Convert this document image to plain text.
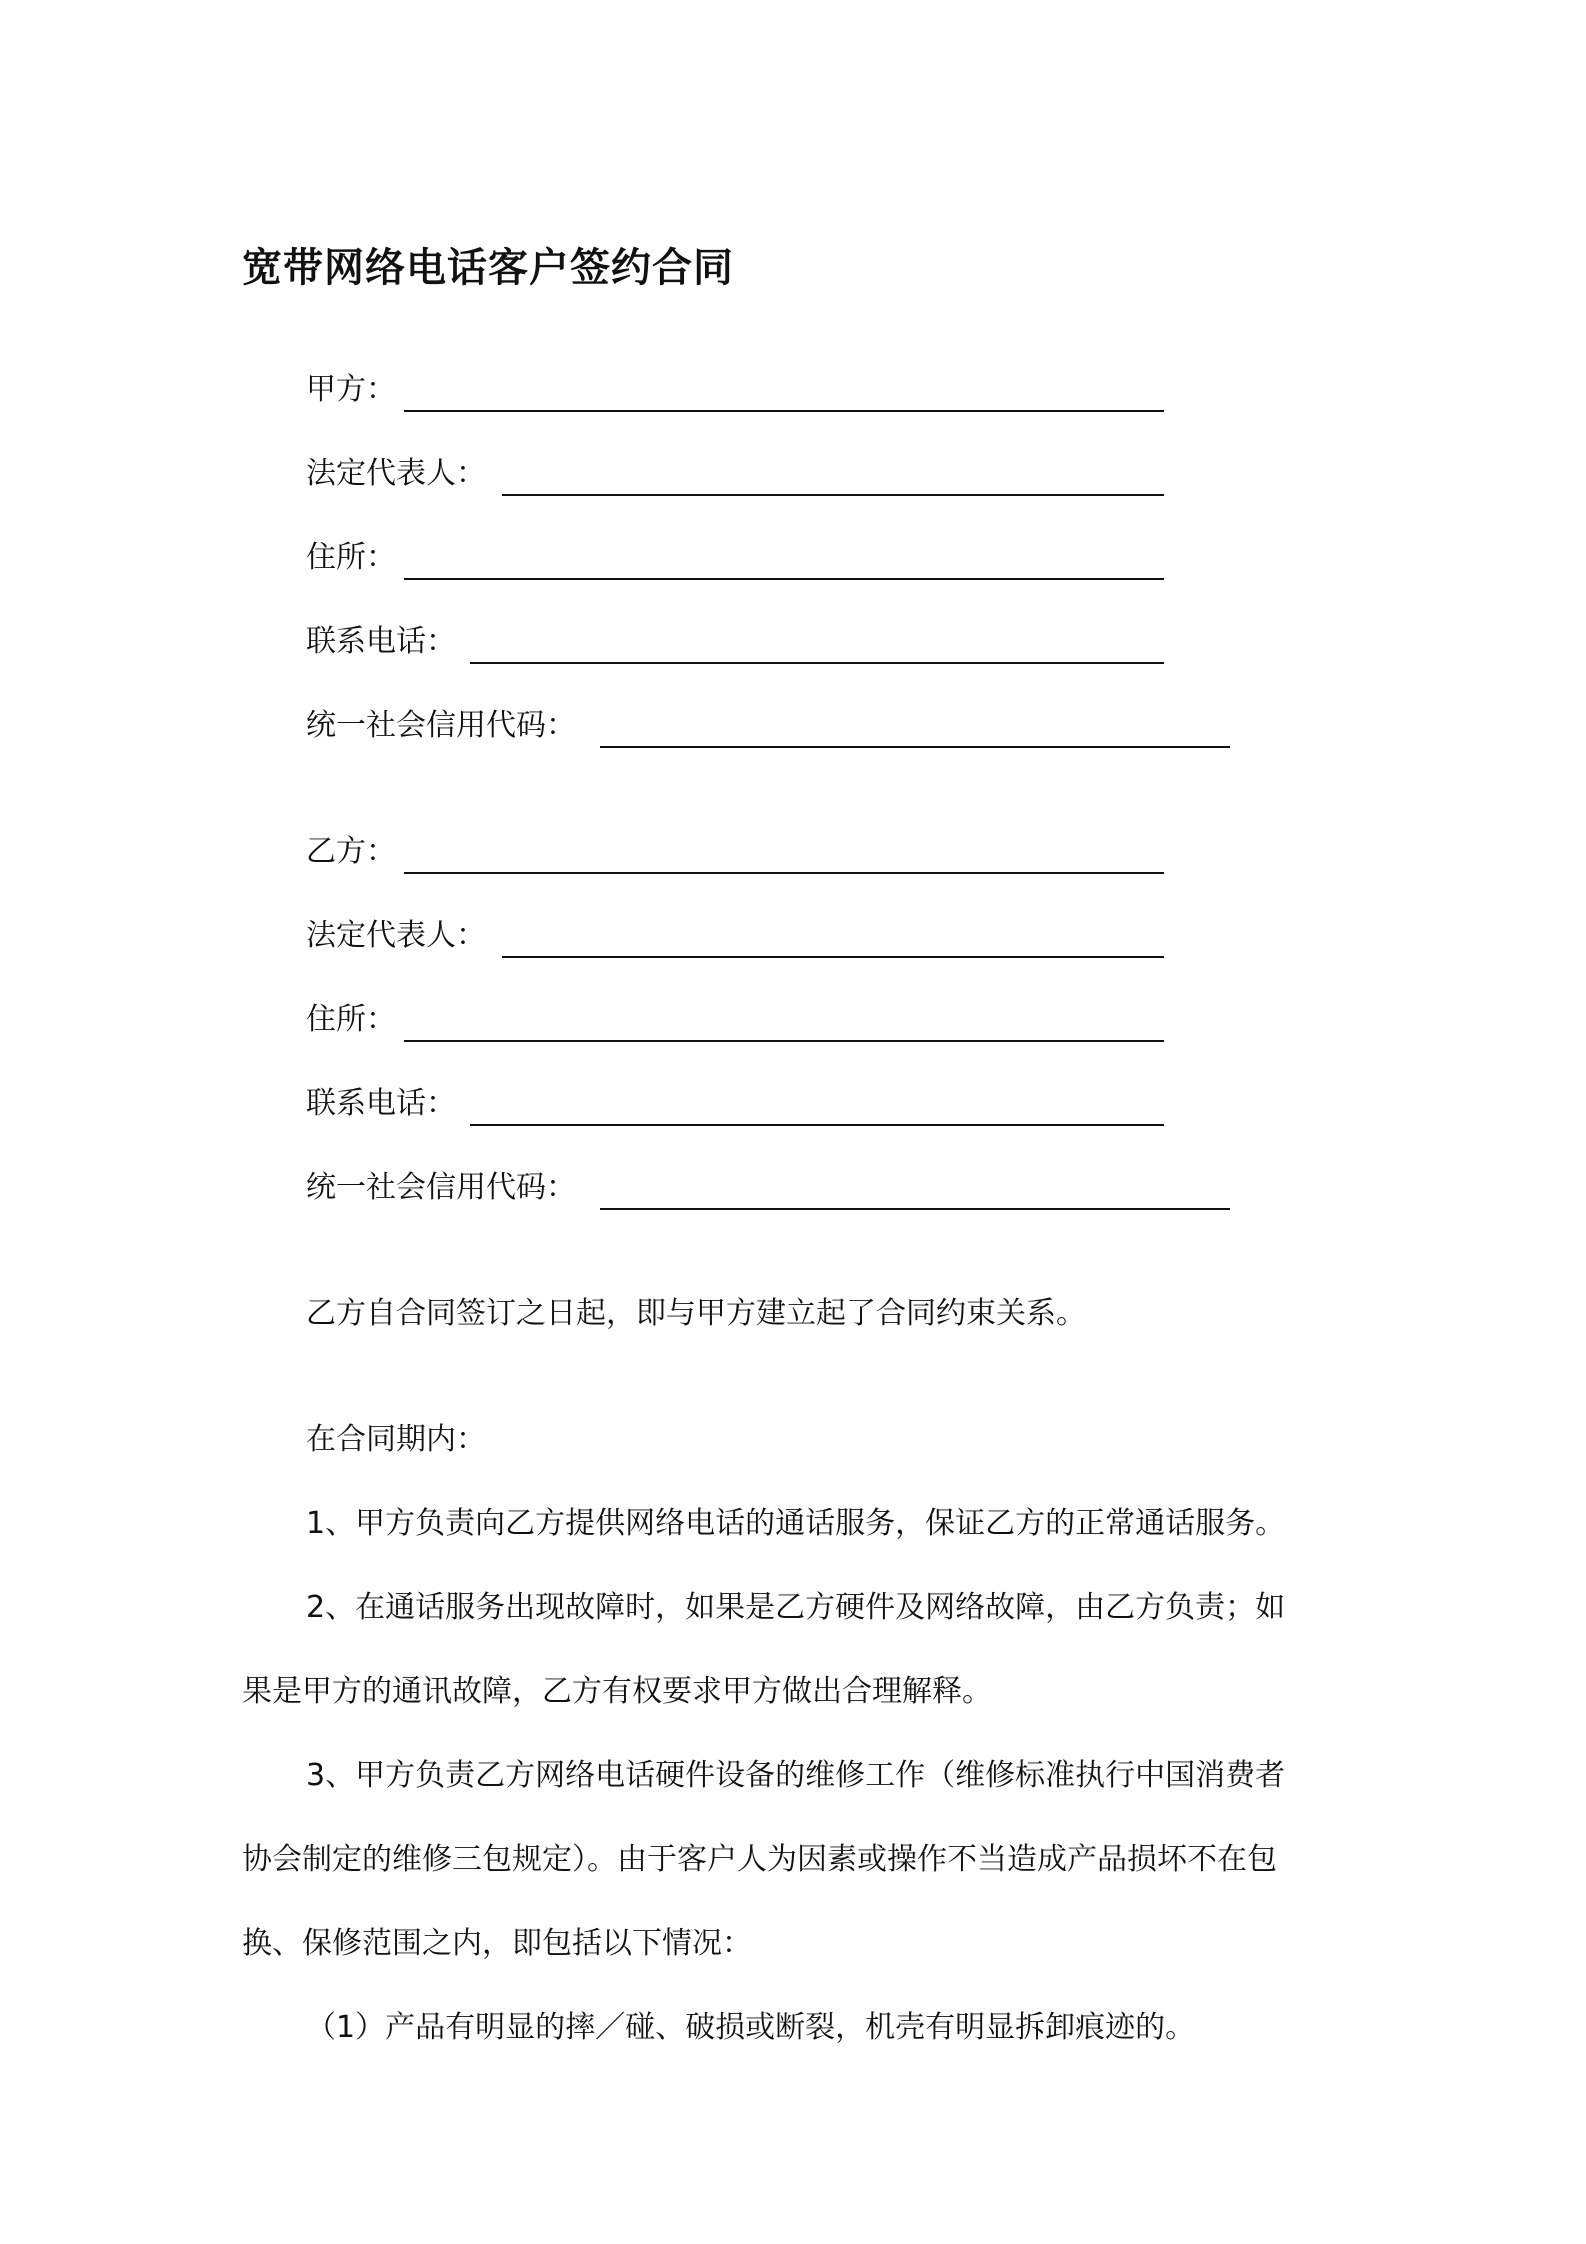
宽带网络电话客户签约合同
甲方：
法定代表人：
住所：
联系电话：
统一社会信用代码：
乙方：
法定代表人：
住所：
联系电话：
统一社会信用代码：
乙方自合同签订之日起，即与甲方建立起了合同约束关系。
在合同期内：
1、甲方负责向乙方提供网络电话的通话服务，保证乙方的正常通话服务。
2、在通话服务出现故障时，如果是乙方硬件及网络故障，由乙方负责；如
果是甲方的通讯故障，乙方有权要求甲方做出合理解释。
3、甲方负责乙方网络电话硬件设备的维修工作（维修标准执行中国消费者
协会制定的维修三包规定）。由于客户人为因素或操作不当造成产品损坏不在包
换、保修范围之内，即包括以下情况：
（1）产品有明显的摔／碰、破损或断裂，机壳有明显拆卸痕迹的。
